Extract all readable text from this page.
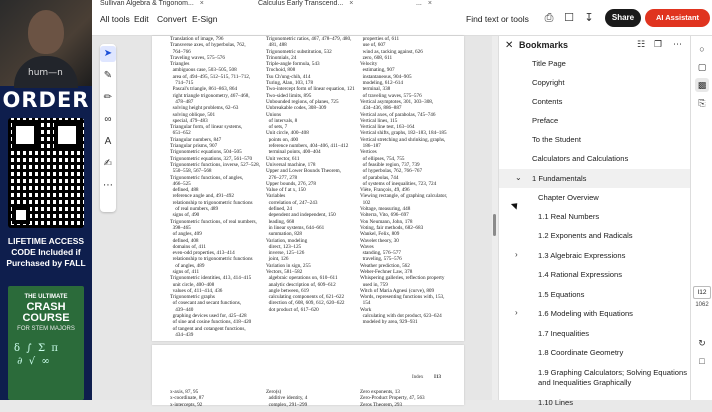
hum—n
ORDER
LIFETIME ACCESS CODE Included if Purchased by FALL
THE ULTIMATE
CRASH COURSE
FOR STEM MAJORS
δ  ∫  Σ  π
∂  √  ∞
Sullivan Algebra & Trigonom... ×	Calculus Early Transcend... ×	... ×
All tools Edit Convert E-Sign	Find text or tools ⎙ ☐ ↧	Share	AI Assistant
➤
✎
✏
∞
A
✍
⋯
Translation of image, 796
Transverse axes, of hyperbolas, 762,
764–766
Traveling waves, 575–576
Triangles
ambiguous case, 503–505, 508
area of, 494–495, 512–515, 711–712,
714–715
Pascal's triangle, 861–863, 864
right triangle trigonometry, 467–468,
478–487
solving height problems, 62–63
solving oblique, 501
special, 479–483
Triangular form, of linear systems,
651–652
Triangular numbers, 847
Triangular prisms, 907
Trigonometric equations, 504–505
Trigonometric equations, 327, 561–570
Trigonometric functions, inverse, 527–528,
550–558, 567–568
Trigonometric functions, of angles,
466–525
defined, 488
reference angle and, 491–492
relationship to trigonometric functions
of real numbers, 489
signs of, 490
Trigonometric functions, of real numbers,
398–465
of angles, 409
defined, 408
domains of, 411
even-odd properties, 413–414
relationship to trigonometric functions
of angles, 489
signs of, 411
Trigonometric identities, 413, 414–415
unit circle, 400–408
values of, 411–414, 436
Trigonometric graphs
of cosecant and secant functions,
439–440
graphing devices used for, 425–428
of sine and cosine functions, 418–420
of tangent and cotangent functions,
434–439
Trigonometric ratios, 467, 478–479, 480,
481, 488
Trigonometric substitution, 532
Trinomials, 24
Triple-angle formula, 543
Trochoid, 808
Tsu Ch'ung-chih, 414
Turing, Alan, 103, 178
Two-intercept form of linear equation, 121
Two-sided limits, 895
Unbounded regions, of planes, 725
Unbreakable codes, 308–309
Unions
of intervals, 8
of sets, 7
Unit circle, 400–408
points on, 400
reference numbers, 404–406, 411–412
terminal points, 400–404
Unit vector, 611
Universal machine, 178
Upper and Lower Bounds Theorem,
276–277, 278
Upper bounds, 276, 278
Value of f at x, 150
Variables
correlation of, 247–243
defined, 24
dependent and independent, 150
leading, 668
in linear systems, 644–661
summation, 828
Variation, modeling
direct, 123–125
inverse, 125–126
joint, 126
Variation in sign, 255
Vectors, 581–582
algebraic operations on, 610–611
analytic description of, 609–612
angle between, 619
calculating components of, 621–622
direction of, 608, 609, 612, 620–622
dot product of, 617–620
properties of, 611
use of, 607
wind as, tacking against, 626
zero, 608, 611
Velocity
estimating, 907
instantaneous, 904–905
modeling, 612–614
terminal, 338
of traveling waves, 575–576
Vertical asymptotes, 301, 303–308,
434–436, 886–887
Vertical axes, of parabolas, 745–746
Vertical lines, 115
Vertical line test, 163–164
Vertical shifts, graphs, 182–183, 184–185
Vertical stretching and shrinking, graphs,
186–187
Vertices
of ellipses, 754, 755
of feasible region, 737, 739
of hyperbolas, 762, 766–767
of parabolas, 744
of systems of inequalities, 723, 724
Viète, François, 49, 496
Viewing rectangle, of graphing calculator,
102
Voltage, measuring, 448
Volterra, Vito, 696–697
Von Neumann, John, 178
Voting, fair methods, 682–683
Wankel, Felix, 809
Wavelet theory, 30
Waves
standing, 576–577
traveling, 575–576
Weather prediction, 562
Weber-Fechner Law, 378
Whispering galleries, reflection property
used in, 759
Witch of Maria Agnesi (curve), 809
Words, representing functions with, 153,
154
Work
calculating with dot product, 623–624
modeled by area, 929–931
Index I13
x-axis, 87, 95
x-coordinate, 87
x-intercepts, 92
Zero(s)
additive identity, 4
complex, 291–299
Zero exponents, 13
Zero-Product Property, 47, 563
Zeros Theorem, 293
✕ Bookmarks	☷ ❐ ⋯
Title Page
Copyright
Contents
Preface
To the Student
Calculators and Calculations
⌄ 1 Fundamentals
Chapter Overview
1.1 Real Numbers
1.2 Exponents and Radicals
›	1.3 Algebraic Expressions
1.4 Rational Expressions
1.5 Equations
›	1.6 Modeling with Equations
1.7 Inequalities
1.8 Coordinate Geometry
1.9 Graphing Calculators; Solving Equations
and Inequalities Graphically
1.10 Lines
○
▢
▩
⎘
I12
1062
↻
□
